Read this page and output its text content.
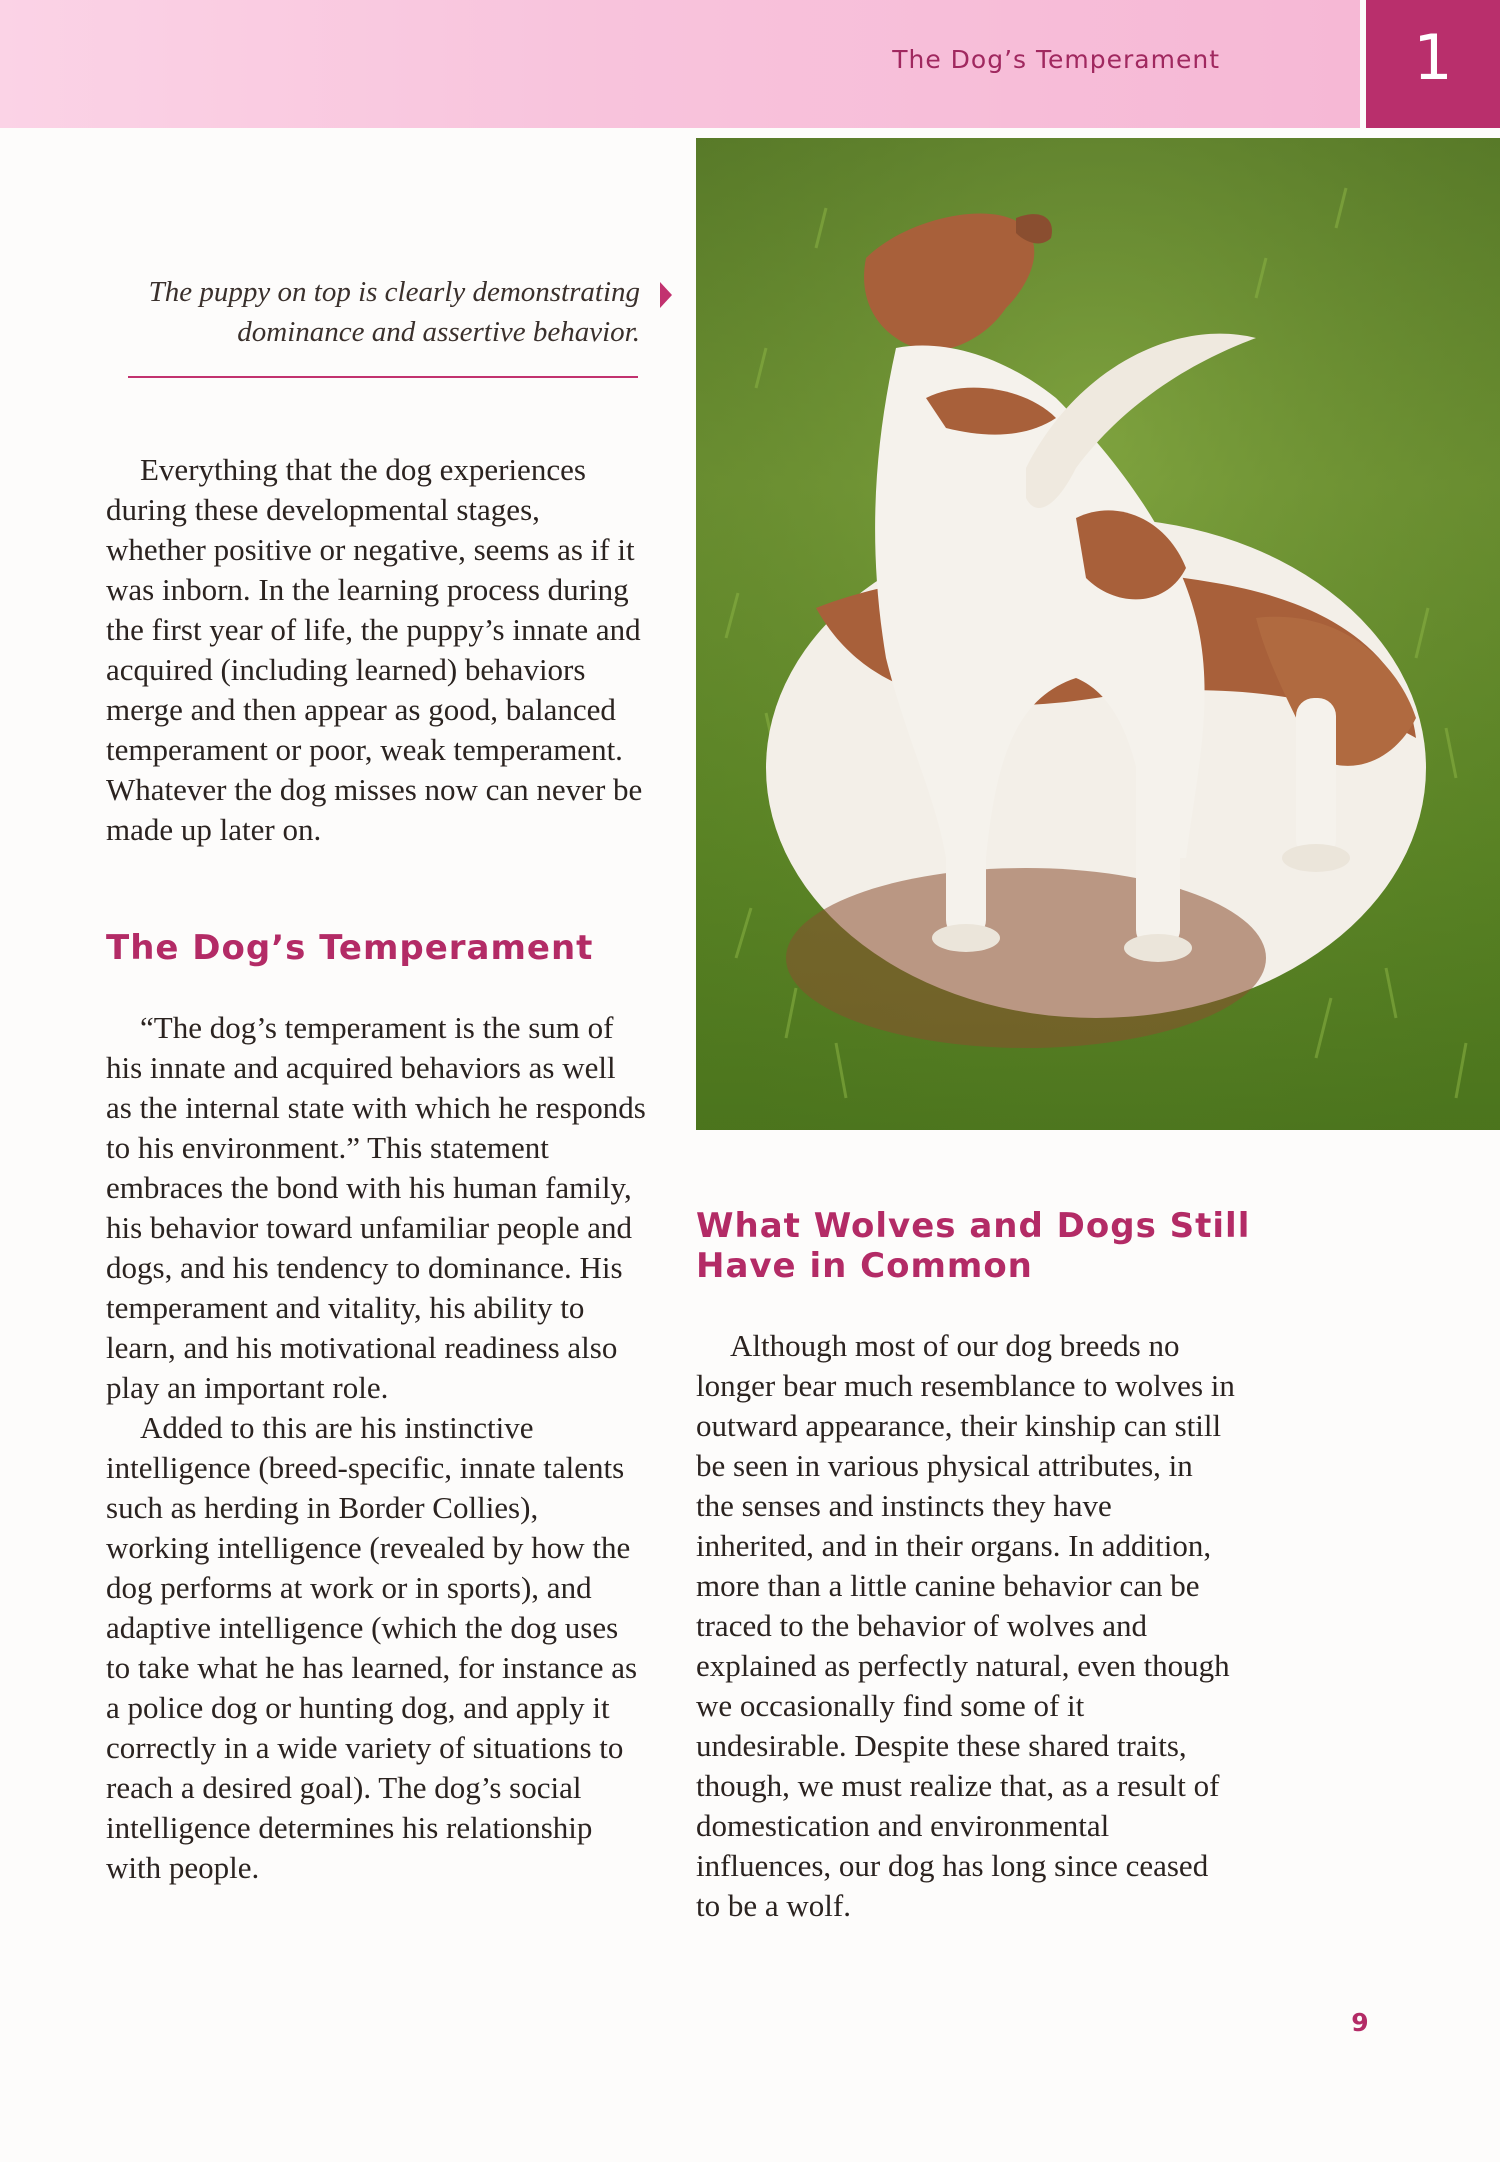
The Dog’s Temperament	1
The puppy on top is clearly demonstrating
dominance and assertive behavior.

Everything that the dog experiences during these developmental stages, whether positive or negative, seems as if it was inborn. In the learning process during the first year of life, the puppy’s innate and acquired (including learned) behaviors merge and then appear as good, balanced temperament or poor, weak temperament. Whatever the dog misses now can never be made up later on.

The Dog’s Temperament

“The dog’s temperament is the sum of his innate and acquired behaviors as well as the internal state with which he responds to his environment.” This statement embraces the bond with his human family, his behavior toward unfamiliar people and dogs, and his tendency to dominance. His temperament and vitality, his ability to learn, and his motivational readiness also play an important role.

Added to this are his instinctive intelligence (breed-specific, innate talents such as herding in Border Collies), working intelligence (revealed by how the dog performs at work or in sports), and adaptive intelligence (which the dog uses to take what he has learned, for instance as a police dog or hunting dog, and apply it correctly in a wide variety of situations to reach a desired goal). The dog’s social intelligence determines his relationship with people.

What Wolves and Dogs Still
Have in Common

Although most of our dog breeds no longer bear much resemblance to wolves in outward appearance, their kinship can still be seen in various physical attributes, in the senses and instincts they have inherited, and in their organs. In addition, more than a little canine behavior can be traced to the behavior of wolves and explained as perfectly natural, even though we occasionally find some of it undesirable. Despite these shared traits, though, we must realize that, as a result of domestication and environmental influences, our dog has long since ceased to be a wolf.

9
